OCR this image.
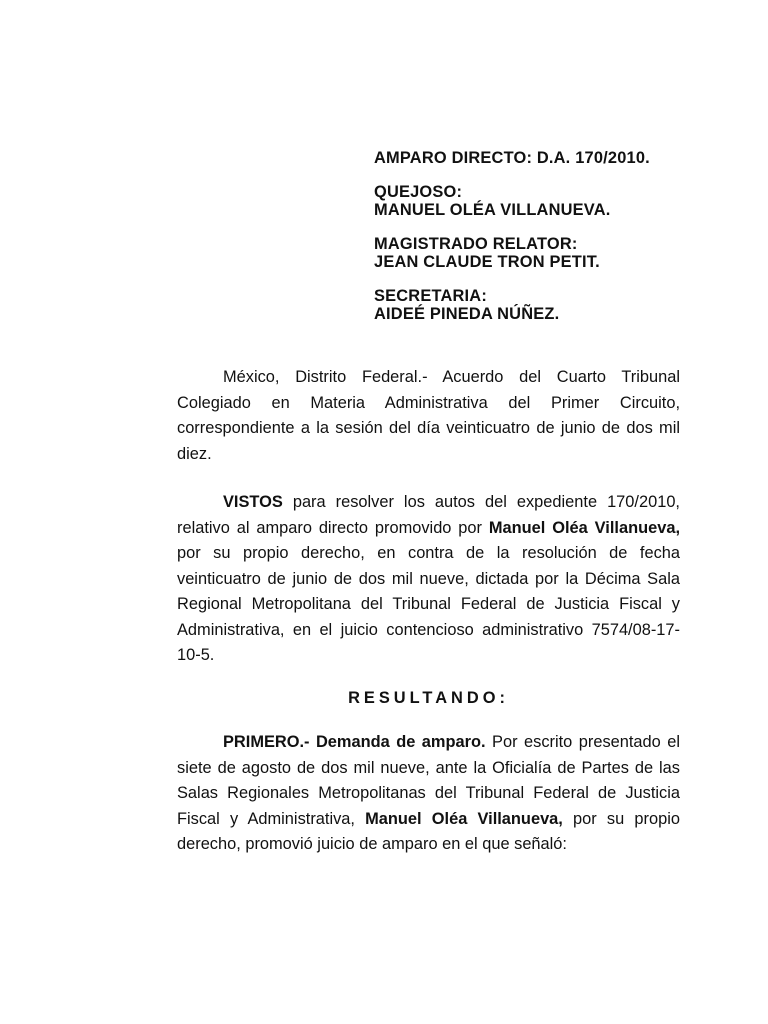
AMPARO DIRECTO: D.A. 170/2010.
QUEJOSO:
MANUEL OLÉA VILLANUEVA.
MAGISTRADO RELATOR:
JEAN CLAUDE TRON PETIT.
SECRETARIA:
AIDEÉ PINEDA NÚÑEZ.

México, Distrito Federal.- Acuerdo del Cuarto Tribunal Colegiado en Materia Administrativa del Primer Circuito, correspondiente a la sesión del día veinticuatro de junio de dos mil diez.

VISTOS para resolver los autos del expediente 170/2010, relativo al amparo directo promovido por Manuel Oléa Villanueva, por su propio derecho, en contra de la resolución de fecha veinticuatro de junio de dos mil nueve, dictada por la Décima Sala Regional Metropolitana del Tribunal Federal de Justicia Fiscal y Administrativa, en el juicio contencioso administrativo 7574/08-17-10-5.

RESULTANDO:

PRIMERO.- Demanda de amparo. Por escrito presentado el siete de agosto de dos mil nueve, ante la Oficialía de Partes de las Salas Regionales Metropolitanas del Tribunal Federal de Justicia Fiscal y Administrativa, Manuel Oléa Villanueva, por su propio derecho, promovió juicio de amparo en el que señaló:
